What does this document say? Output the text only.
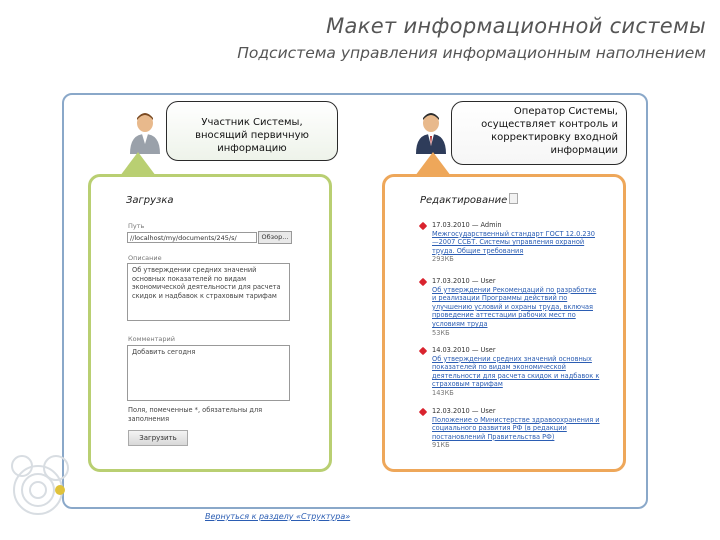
Макет информационной системы
Подсистема управления информационным наполнением
Участник Системы, вносящий первичную информацию
Оператор Системы, осуществляет контроль и корректировку входной информации
Загрузка
Путь
//localhost/my/documents/245/s/	Обзор...
Описание
Об утверждении средних значений основных показателей по видам экономической деятельности для расчета скидок и надбавок к страховым тарифам
Комментарий
Добавить сегодня
Поля, помеченные *, обязательны для заполнения
Загрузить
Редактирование
17.03.2010 — Admin
Межгосударственный стандарт ГОСТ 12.0.230—2007 ССБТ. Системы управления охраной труда. Общие требования
293КБ
17.03.2010 — User
Об утверждении Рекомендаций по разработке и реализации Программы действий по улучшению условий и охраны труда, включая проведение аттестации рабочих мест по условиям труда
53КБ
14.03.2010 — User
Об утверждении средних значений основных показателей по видам экономической деятельности для расчета скидок и надбавок к страховым тарифам
143КБ
12.03.2010 — User
Положение о Министерстве здравоохранения и социального развития РФ (в редакции постановлений Правительства РФ)
91КБ
Вернуться к разделу «Структура»
